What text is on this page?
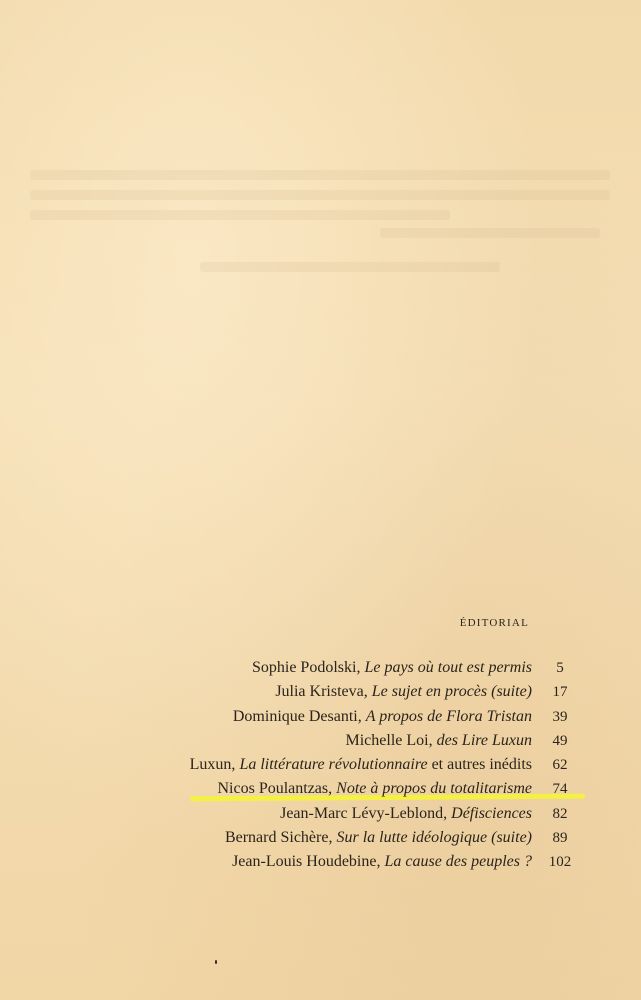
ÉDITORIAL
Sophie Podolski, Le pays où tout est permis	5
Julia Kristeva, Le sujet en procès (suite)	17
Dominique Desanti, A propos de Flora Tristan	39
Michelle Loi, des Lire Luxun	49
Luxun, La littérature révolutionnaire et autres inédits	62
Nicos Poulantzas, Note à propos du totalitarisme	74
Jean-Marc Lévy-Leblond, Défisciences	82
Bernard Sichère, Sur la lutte idéologique (suite)	89
Jean-Louis Houdebine, La cause des peuples ?	102
